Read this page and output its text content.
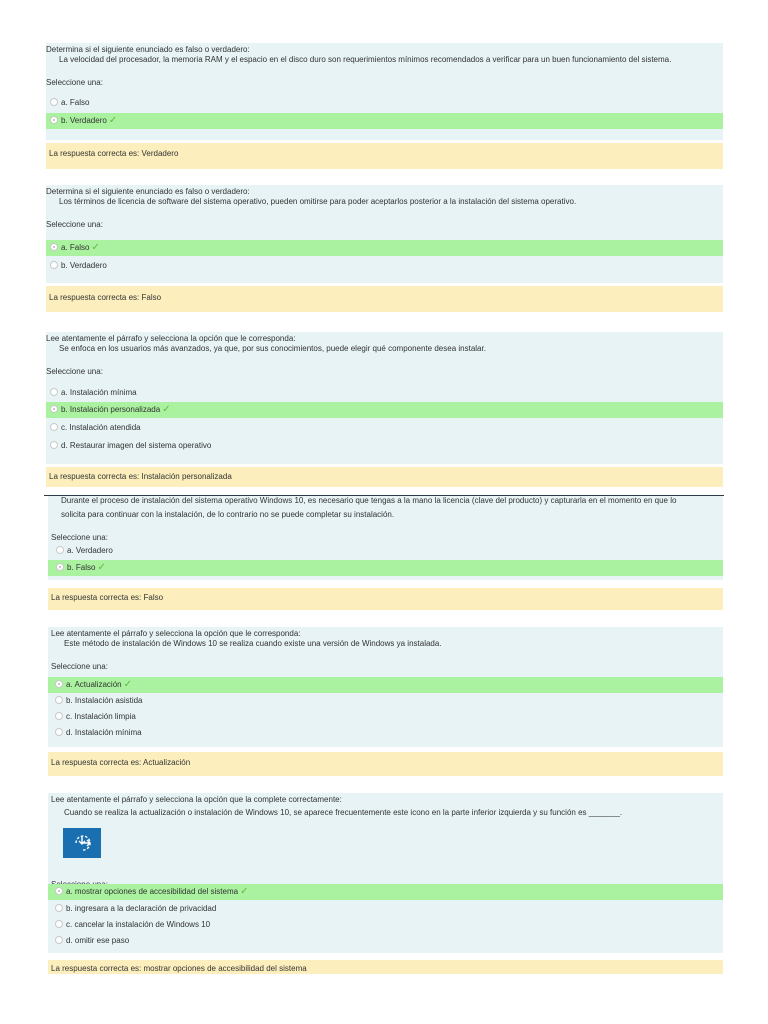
Determina si el siguiente enunciado es falso o verdadero:
La velocidad del procesador, la memoria RAM y el espacio en el disco duro son requerimientos mínimos recomendados a verificar para un buen funcionamiento del sistema.
Seleccione una:
a. Falso
b. Verdadero ✓
La respuesta correcta es: Verdadero
Determina si el siguiente enunciado es falso o verdadero:
Los términos de licencia de software del sistema operativo, pueden omitirse para poder aceptarlos posterior a la instalación del sistema operativo.
Seleccione una:
a. Falso ✓
b. Verdadero
La respuesta correcta es: Falso
Lee atentamente el párrafo y selecciona la opción que le corresponda:
Se enfoca en los usuarios más avanzados, ya que, por sus conocimientos, puede elegir qué componente desea instalar.
Seleccione una:
a. Instalación mínima
b. Instalación personalizada ✓
c. Instalación atendida
d. Restaurar imagen del sistema operativo
La respuesta correcta es: Instalación personalizada
Durante el proceso de instalación del sistema operativo Windows 10, es necesario que tengas a la mano la licencia (clave del producto) y capturarla en el momento en que lo
solicita para continuar con la instalación, de lo contrario no se puede completar su instalación.
Seleccione una:
a. Verdadero
b. Falso ✓
La respuesta correcta es: Falso
Lee atentamente el párrafo y selecciona la opción que le corresponda:
Este método de instalación de Windows 10 se realiza cuando existe una versión de Windows ya instalada.
Seleccione una:
a. Actualización ✓
b. Instalación asistida
c. Instalación limpia
d. Instalación mínima
La respuesta correcta es: Actualización
Lee atentamente el párrafo y selecciona la opción que la complete correctamente:
Cuando se realiza la actualización o instalación de Windows 10, se aparece frecuentemente este icono en la parte inferior izquierda y su función es _______.
a. mostrar opciones de accesibilidad del sistema ✓
b. ingresara a la declaración de privacidad
c. cancelar la instalación de Windows 10
d. omitir ese paso
La respuesta correcta es: mostrar opciones de accesibilidad del sistema
